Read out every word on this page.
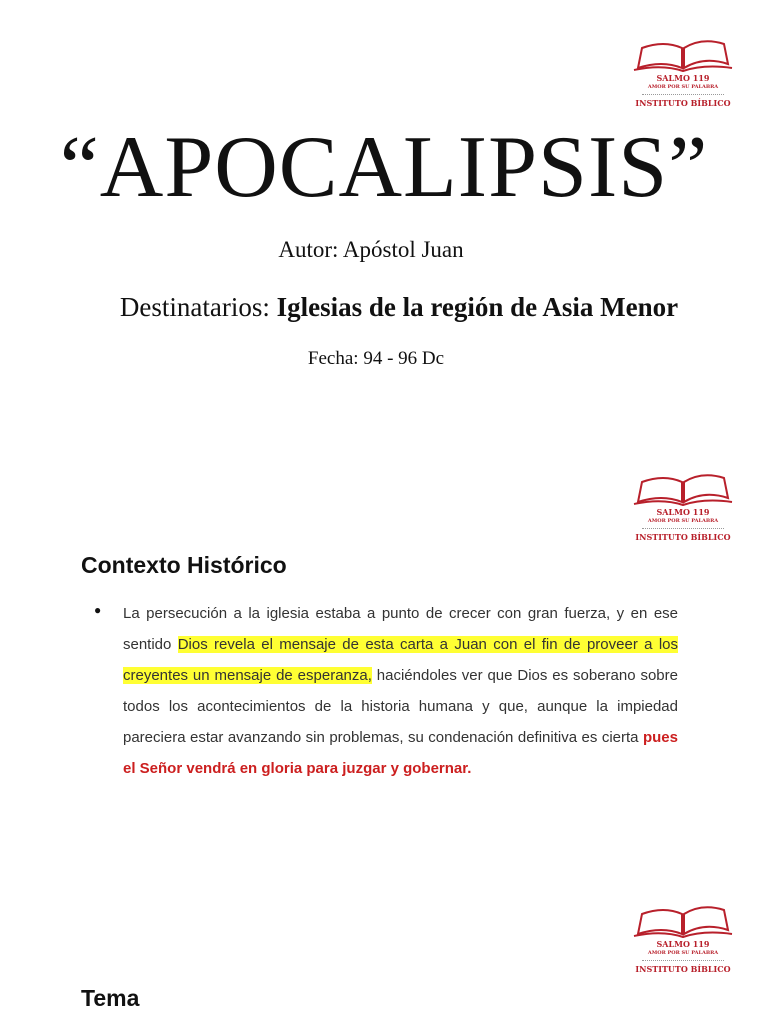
SALMO 119
AMOR POR SU PALABRA
INSTITUTO BÍBLICO
SALMO 119
AMOR POR SU PALABRA
INSTITUTO BÍBLICO
SALMO 119
AMOR POR SU PALABRA
INSTITUTO BÍBLICO
“APOCALIPSIS”
Autor: Apóstol Juan
Destinatarios: Iglesias de la región de Asia Menor
Fecha: 94 - 96 Dc
Contexto Histórico
● La persecución a la iglesia estaba a punto de crecer con gran fuerza, y en ese sentido Dios revela el mensaje de esta carta a Juan con el fin de proveer a los creyentes un mensaje de esperanza, haciéndoles ver que Dios es soberano sobre todos los acontecimientos de la historia humana y que, aunque la impiedad pareciera estar avanzando sin problemas, su condenación definitiva es cierta pues el Señor vendrá en gloria para juzgar y gobernar.
Tema
